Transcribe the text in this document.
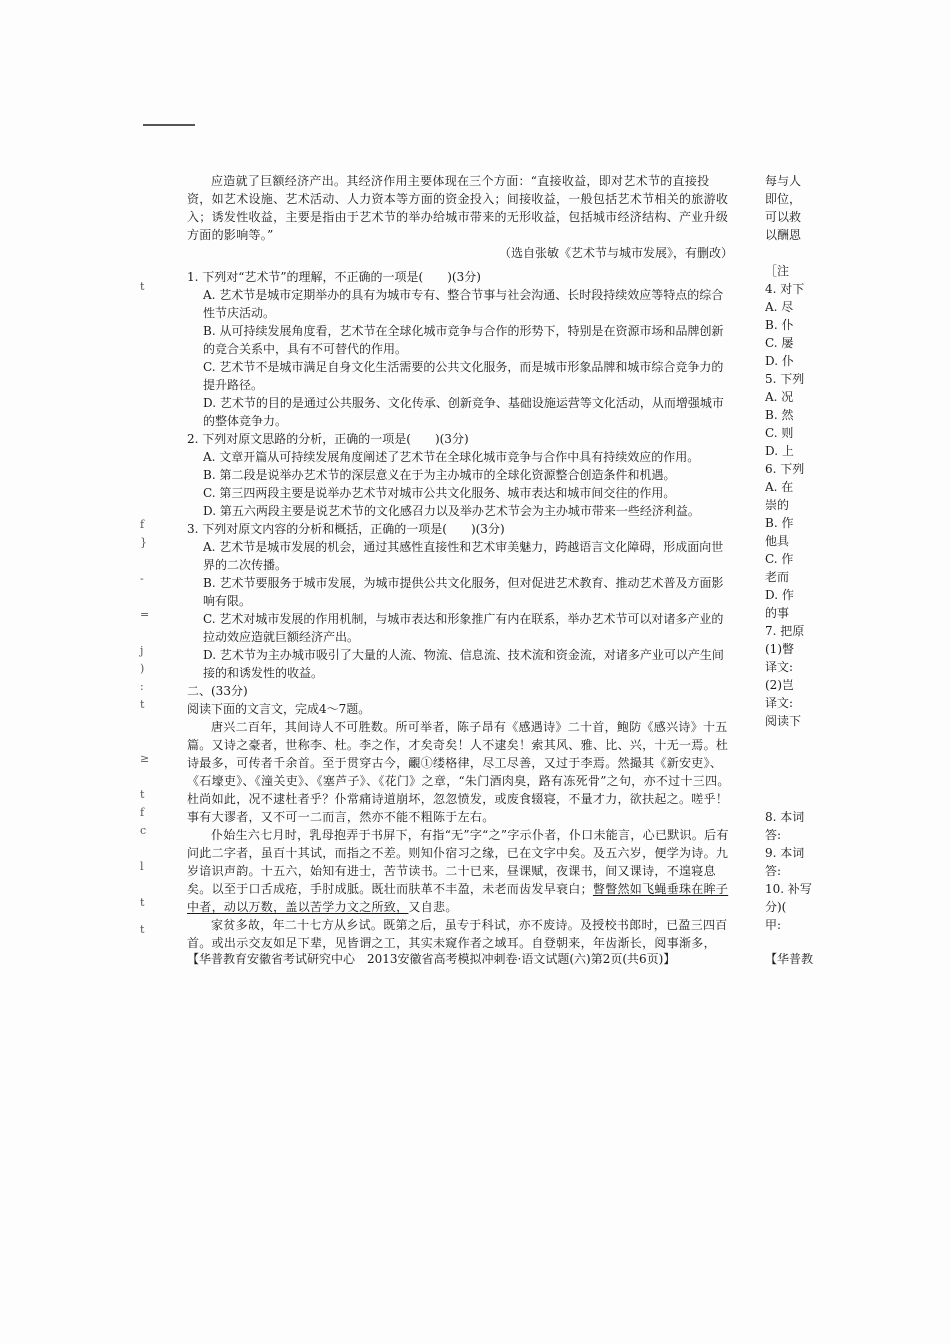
t
f
}
-
=
j
)
:
t
≥
t
f
c
l
t
t

应造就了巨额经济产出。其经济作用主要体现在三个方面：“直接收益，即对艺术节的直接投资，如艺术设施、艺术活动、人力资本等方面的资金投入；间接收益，一般包括艺术节相关的旅游收入；诱发性收益，主要是指由于艺术节的举办给城市带来的无形收益，包括城市经济结构、产业升级方面的影响等。”

（选自张敏《艺术节与城市发展》，有删改）

1. 下列对“艺术节”的理解，不正确的一项是(　　)(3分)

A. 艺术节是城市定期举办的具有为城市专有、整合节事与社会沟通、长时段持续效应等特点的综合性节庆活动。

B. 从可持续发展角度看，艺术节在全球化城市竞争与合作的形势下，特别是在资源市场和品牌创新的竞合关系中，具有不可替代的作用。

C. 艺术节不是城市满足自身文化生活需要的公共文化服务，而是城市形象品牌和城市综合竞争力的提升路径。

D. 艺术节的目的是通过公共服务、文化传承、创新竞争、基础设施运营等文化活动，从而增强城市的整体竞争力。

2. 下列对原文思路的分析，正确的一项是(　　)(3分)

A. 文章开篇从可持续发展角度阐述了艺术节在全球化城市竞争与合作中具有持续效应的作用。

B. 第二段是说举办艺术节的深层意义在于为主办城市的全球化资源整合创造条件和机遇。

C. 第三四两段主要是说举办艺术节对城市公共文化服务、城市表达和城市间交往的作用。

D. 第五六两段主要是说艺术节的文化感召力以及举办艺术节会为主办城市带来一些经济利益。

3. 下列对原文内容的分析和概括，正确的一项是(　　)(3分)

A. 艺术节是城市发展的机会，通过其感性直接性和艺术审美魅力，跨越语言文化障碍，形成面向世界的二次传播。

B. 艺术节要服务于城市发展，为城市提供公共文化服务，但对促进艺术教育、推动艺术普及方面影响有限。

C. 艺术对城市发展的作用机制，与城市表达和形象推广有内在联系，举办艺术节可以对诸多产业的拉动效应造就巨额经济产出。

D. 艺术节为主办城市吸引了大量的人流、物流、信息流、技术流和资金流，对诸多产业可以产生间接的和诱发性的收益。

二、(33分)

阅读下面的文言文，完成4～7题。

唐兴二百年，其间诗人不可胜数。所可举者，陈子昂有《感遇诗》二十首，鲍防《感兴诗》十五篇。又诗之豪者，世称李、杜。李之作，才矣奇矣！人不逮矣！索其风、雅、比、兴，十无一焉。杜诗最多，可传者千余首。至于贯穿古今，覼①缕格律，尽工尽善，又过于李焉。然撮其《新安吏》、《石壕吏》、《潼关吏》、《塞芦子》、《花门》之章，“朱门酒肉臭，路有冻死骨”之句，亦不过十三四。杜尚如此，况不逮杜者乎？仆常痛诗道崩坏，忽忽愤发，或废食辍寝，不量才力，欲扶起之。嗟乎！事有大谬者，又不可一二而言，然亦不能不粗陈于左右。

仆始生六七月时，乳母抱弄于书屏下，有指“无”字“之”字示仆者，仆口未能言，心已默识。后有问此二字者，虽百十其试，而指之不差。则知仆宿习之缘，已在文字中矣。及五六岁，便学为诗。九岁谙识声韵。十五六，始知有进士，苦节读书。二十已来，昼课赋，夜课书，间又课诗，不遑寝息矣。以至于口舌成疮，手肘成胝。既壮而肤革不丰盈，未老而齿发早衰白；瞥瞥然如飞蝇垂珠在眸子中者，动以万数，盖以苦学力文之所致，又自悲。

家贫多故，年二十七方从乡试。既第之后，虽专于科试，亦不废诗。及授校书郎时，已盈三四百首。或出示交友如足下辈，见皆谓之工，其实未窥作者之域耳。自登朝来，年齿渐长，阅事渐多，

【华普教育安徽省考试研究中心　2013安徽省高考模拟冲刺卷·语文试题(六)第2页(共6页)】
每与人
即位，
可以救
以酬恩
［注
4. 对下
A. 尽
B. 仆
C. 屡
D. 仆
5. 下列
A. 况
B. 然
C. 则
D. 上
6. 下列
A. 在
崇的
B. 作
他具
C. 作
老而
D. 作
的事
7. 把原
(1)瞥
译文:
(2)岂
译文:
阅读下
8. 本词
答:
9. 本词
答:
10. 补写
分)(
甲:
【华普教
